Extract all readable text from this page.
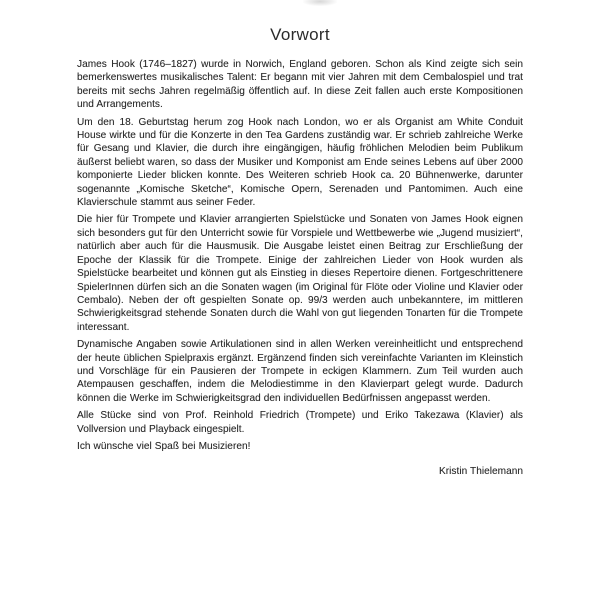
Vorwort

James Hook (1746–1827) wurde in Norwich, England geboren. Schon als Kind zeigte sich sein bemerkenswertes musikalisches Talent: Er begann mit vier Jahren mit dem Cembalospiel und trat bereits mit sechs Jahren regelmäßig öffentlich auf. In diese Zeit fallen auch erste Kompositionen und Arrangements.

Um den 18. Geburtstag herum zog Hook nach London, wo er als Organist am White Conduit House wirkte und für die Konzerte in den Tea Gardens zuständig war. Er schrieb zahlreiche Werke für Gesang und Klavier, die durch ihre eingängigen, häufig fröhlichen Melodien beim Publikum äußerst beliebt waren, so dass der Musiker und Komponist am Ende seines Lebens auf über 2000 komponierte Lieder blicken konnte. Des Weiteren schrieb Hook ca. 20 Bühnenwerke, darunter sogenannte „Komische Sketche“, Komische Opern, Serenaden und Pantomimen. Auch eine Klavierschule stammt aus seiner Feder.

Die hier für Trompete und Klavier arrangierten Spielstücke und Sonaten von James Hook eignen sich besonders gut für den Unterricht sowie für Vorspiele und Wettbewerbe wie „Jugend musiziert“, natürlich aber auch für die Hausmusik. Die Ausgabe leistet einen Beitrag zur Erschließung der Epoche der Klassik für die Trompete. Einige der zahlreichen Lieder von Hook wurden als Spielstücke bearbeitet und können gut als Einstieg in dieses Repertoire dienen. Fortgeschrittenere SpielerInnen dürfen sich an die Sonaten wagen (im Original für Flöte oder Violine und Klavier oder Cembalo). Neben der oft gespielten Sonate op. 99/3 werden auch unbekanntere, im mittleren Schwierigkeitsgrad stehende Sonaten durch die Wahl von gut liegenden Tonarten für die Trompete interessant.

Dynamische Angaben sowie Artikulationen sind in allen Werken vereinheitlicht und entsprechend der heute üblichen Spielpraxis ergänzt. Ergänzend finden sich vereinfachte Varianten im Kleinstich und Vorschläge für ein Pausieren der Trompete in eckigen Klammern. Zum Teil wurden auch Atempausen geschaffen, indem die Melodiestimme in den Klavierpart gelegt wurde. Dadurch können die Werke im Schwierigkeitsgrad den individuellen Bedürfnissen angepasst werden.

Alle Stücke sind von Prof. Reinhold Friedrich (Trompete) und Eriko Takezawa (Klavier) als Vollversion und Playback eingespielt.

Ich wünsche viel Spaß bei Musizieren!

Kristin Thielemann
